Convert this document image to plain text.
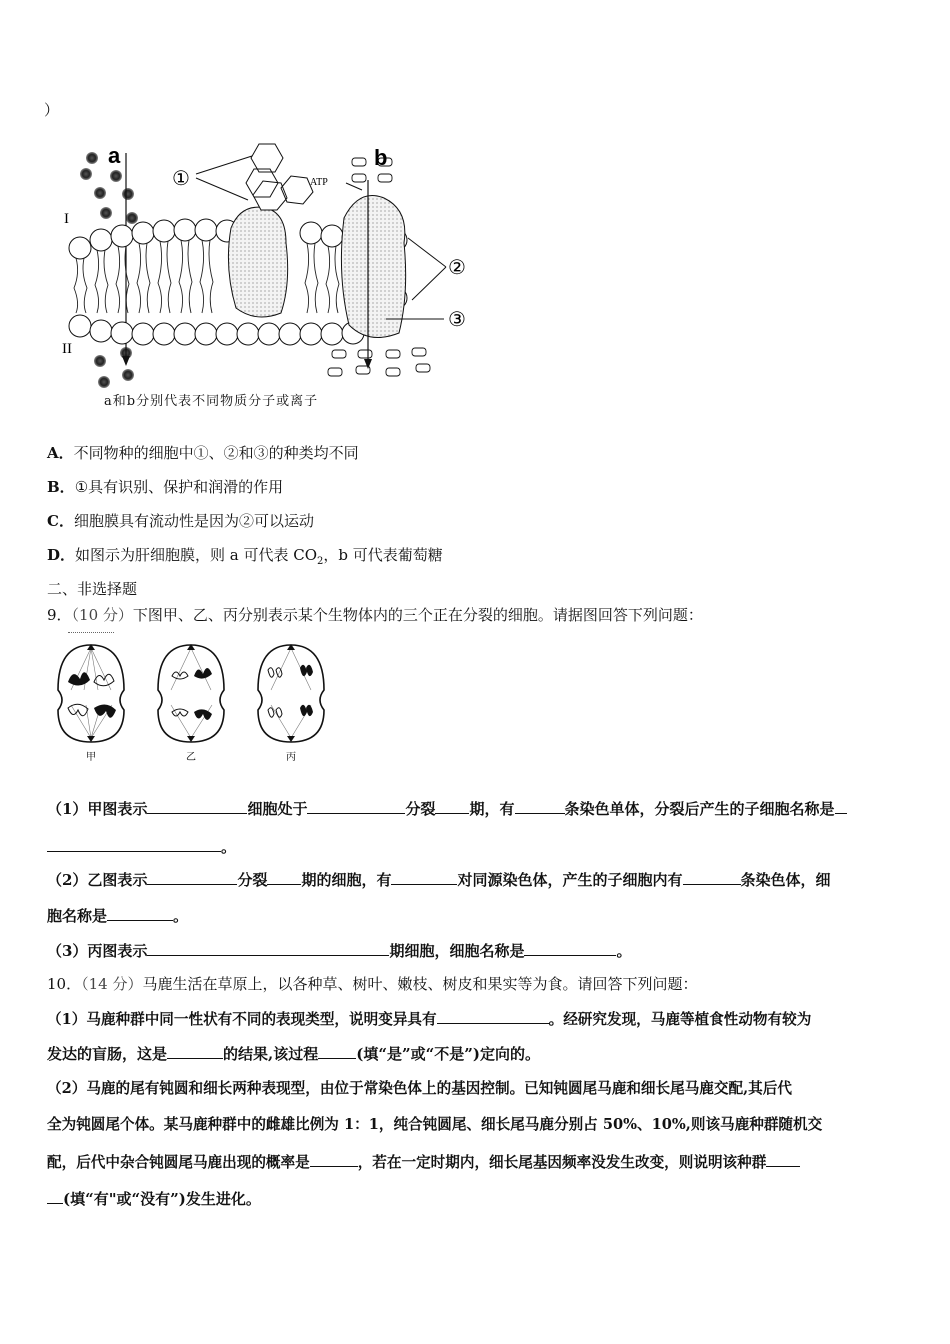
）
a
I
II
ATP
b
①
②
③
a和b分别代表不同物质分子或离子
A．不同物种的细胞中①、②和③的种类均不同
B．①具有识别、保护和润滑的作用
C．细胞膜具有流动性是因为②可以运动
D．如图示为肝细胞膜，则 a 可代表 $CO_2$，b 可代表葡萄糖
二、非选择题
9．（10 分）下图甲、乙、丙分别表示某个生物体内的三个正在分裂的细胞。请据图回答下列问题：
甲	乙	丙
（1）甲图表示	细胞处于	分裂 期，有	条染色单体，分裂后产生的子细胞名称是
。
（2）乙图表示	分裂 期的细胞，有	对同源染色体，产生的子细胞内有	条染色体，细
胞名称是	。
（3）丙图表示	期细胞，细胞名称是	。
10．（14 分）马鹿生活在草原上，以各种草、树叶、嫩枝、树皮和果实等为食。请回答下列问题：
（1）马鹿种群中同一性状有不同的表现类型，说明变异具有	。经研究发现，马鹿等植食性动物有较为
发达的盲肠，这是	的结果,该过程	(填“是”或“不是”)定向的。
（2）马鹿的尾有钝圆和细长两种表现型，由位于常染色体上的基因控制。已知钝圆尾马鹿和细长尾马鹿交配,其后代
全为钝圆尾个体。某马鹿种群中的雌雄比例为 1：1，纯合钝圆尾、细长尾马鹿分别占 50%、10%,则该马鹿种群随机交
配，后代中杂合钝圆尾马鹿出现的概率是	，若在一定时期内，细长尾基因频率没发生改变，则说明该种群
(填“有"或“没有”)发生进化。
